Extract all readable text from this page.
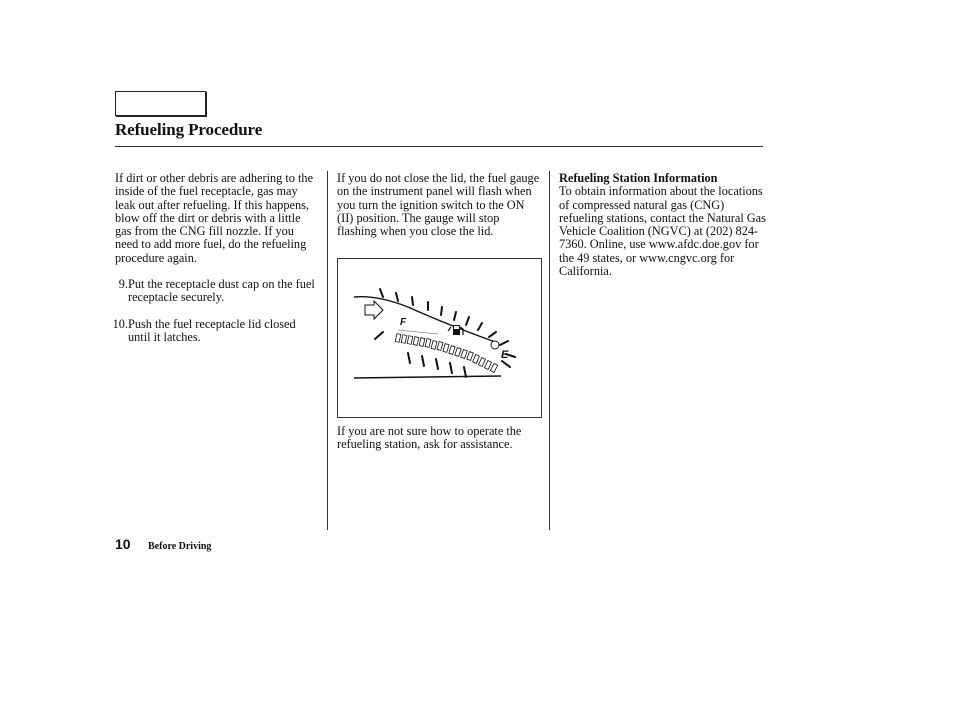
Refueling Procedure

If dirt or other debris are adhering to the inside of the fuel receptacle, gas may leak out after refueling. If this happens, blow off the dirt or debris with a little gas from the CNG fill nozzle. If you need to add more fuel, do the refueling procedure again.

9. Put the receptacle dust cap on the fuel receptacle securely.
10. Push the fuel receptacle lid closed until it latches.

If you do not close the lid, the fuel gauge on the instrument panel will flash when you turn the ignition switch to the ON (II) position. The gauge will stop flashing when you close the lid.

F
E

If you are not sure how to operate the refueling station, ask for assistance.

Refueling Station Information
To obtain information about the locations of compressed natural gas (CNG) refueling stations, contact the Natural Gas Vehicle Coalition (NGVC) at (202) 824-7360. Online, use www.afdc.doe.gov for the 49 states, or www.cngvc.org for California.
10 Before Driving
